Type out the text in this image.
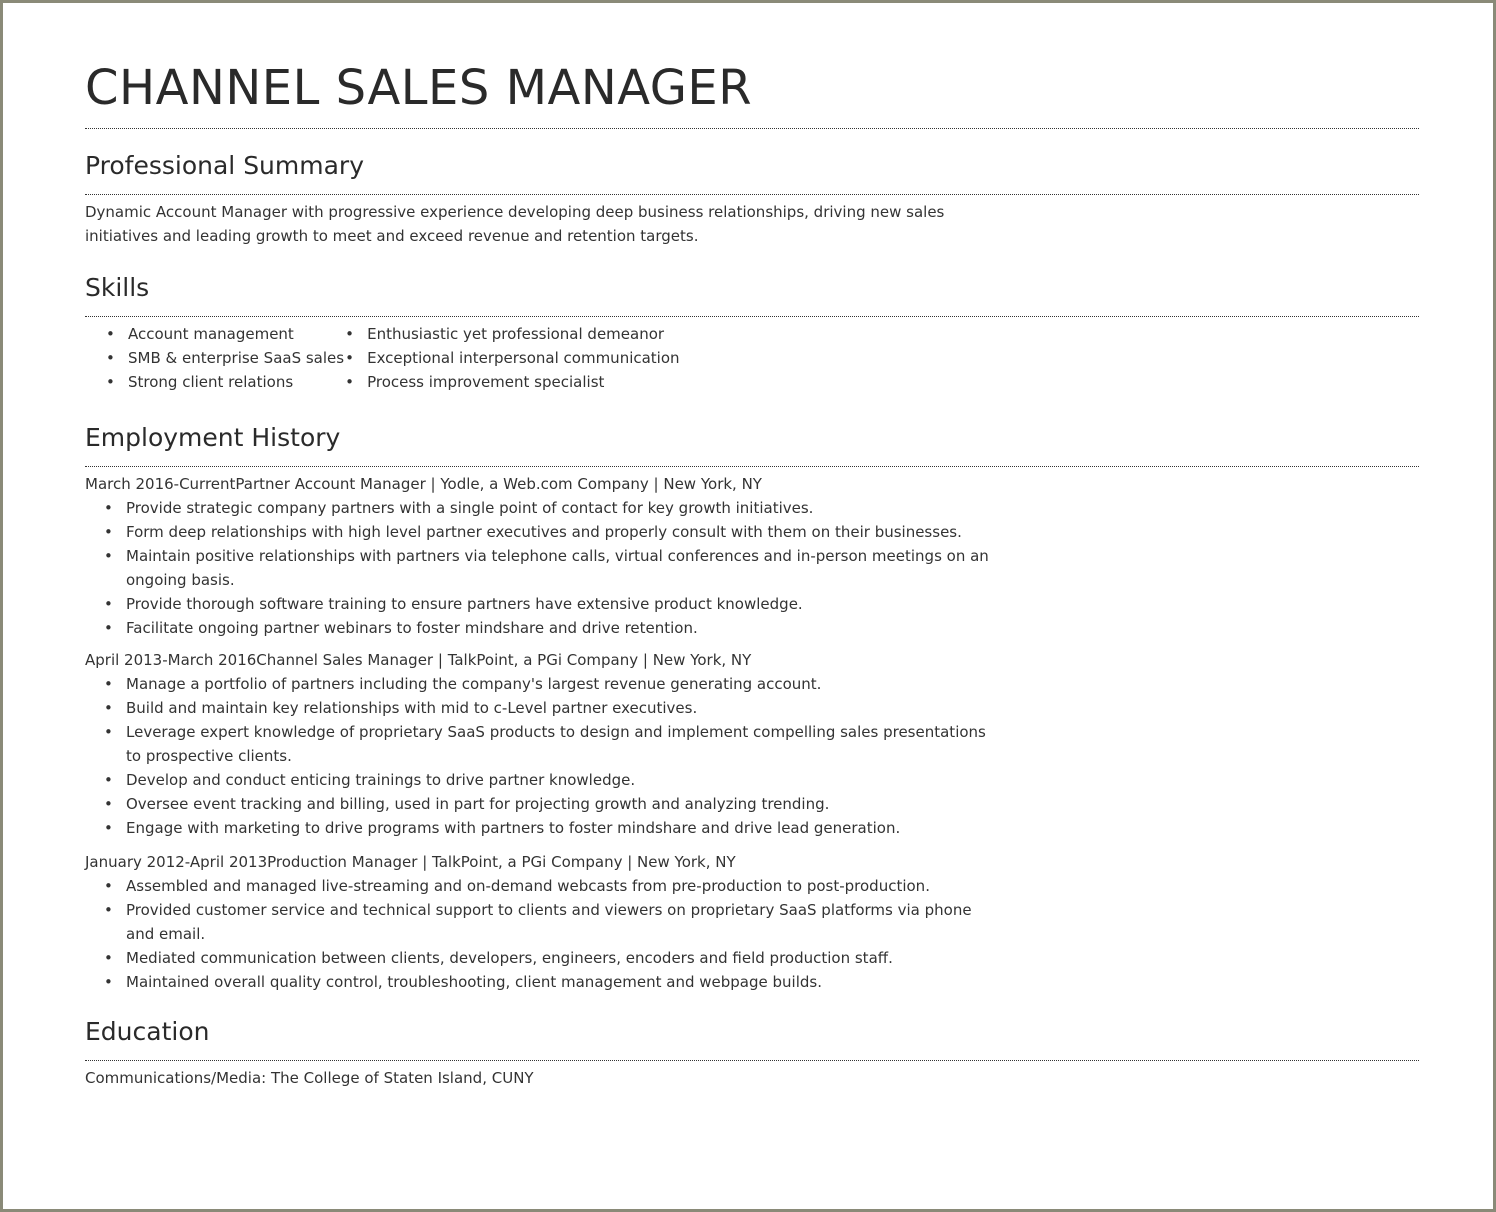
CHANNEL SALES MANAGER
Professional Summary
Dynamic Account Manager with progressive experience developing deep business relationships, driving new sales initiatives and leading growth to meet and exceed revenue and retention targets.
Skills
• Account management
• SMB & enterprise SaaS sales
• Strong client relations
• Enthusiastic yet professional demeanor
• Exceptional interpersonal communication
• Process improvement specialist
Employment History
March 2016-CurrentPartner Account Manager | Yodle, a Web.com Company | New York, NY
• Provide strategic company partners with a single point of contact for key growth initiatives.
• Form deep relationships with high level partner executives and properly consult with them on their businesses.
• Maintain positive relationships with partners via telephone calls, virtual conferences and in-person meetings on an ongoing basis.
• Provide thorough software training to ensure partners have extensive product knowledge.
• Facilitate ongoing partner webinars to foster mindshare and drive retention.
April 2013-March 2016Channel Sales Manager | TalkPoint, a PGi Company | New York, NY
• Manage a portfolio of partners including the company's largest revenue generating account.
• Build and maintain key relationships with mid to c-Level partner executives.
• Leverage expert knowledge of proprietary SaaS products to design and implement compelling sales presentations to prospective clients.
• Develop and conduct enticing trainings to drive partner knowledge.
• Oversee event tracking and billing, used in part for projecting growth and analyzing trending.
• Engage with marketing to drive programs with partners to foster mindshare and drive lead generation.
January 2012-April 2013Production Manager | TalkPoint, a PGi Company | New York, NY
• Assembled and managed live-streaming and on-demand webcasts from pre-production to post-production.
• Provided customer service and technical support to clients and viewers on proprietary SaaS platforms via phone and email.
• Mediated communication between clients, developers, engineers, encoders and field production staff.
• Maintained overall quality control, troubleshooting, client management and webpage builds.
Education
Communications/Media: The College of Staten Island, CUNY
